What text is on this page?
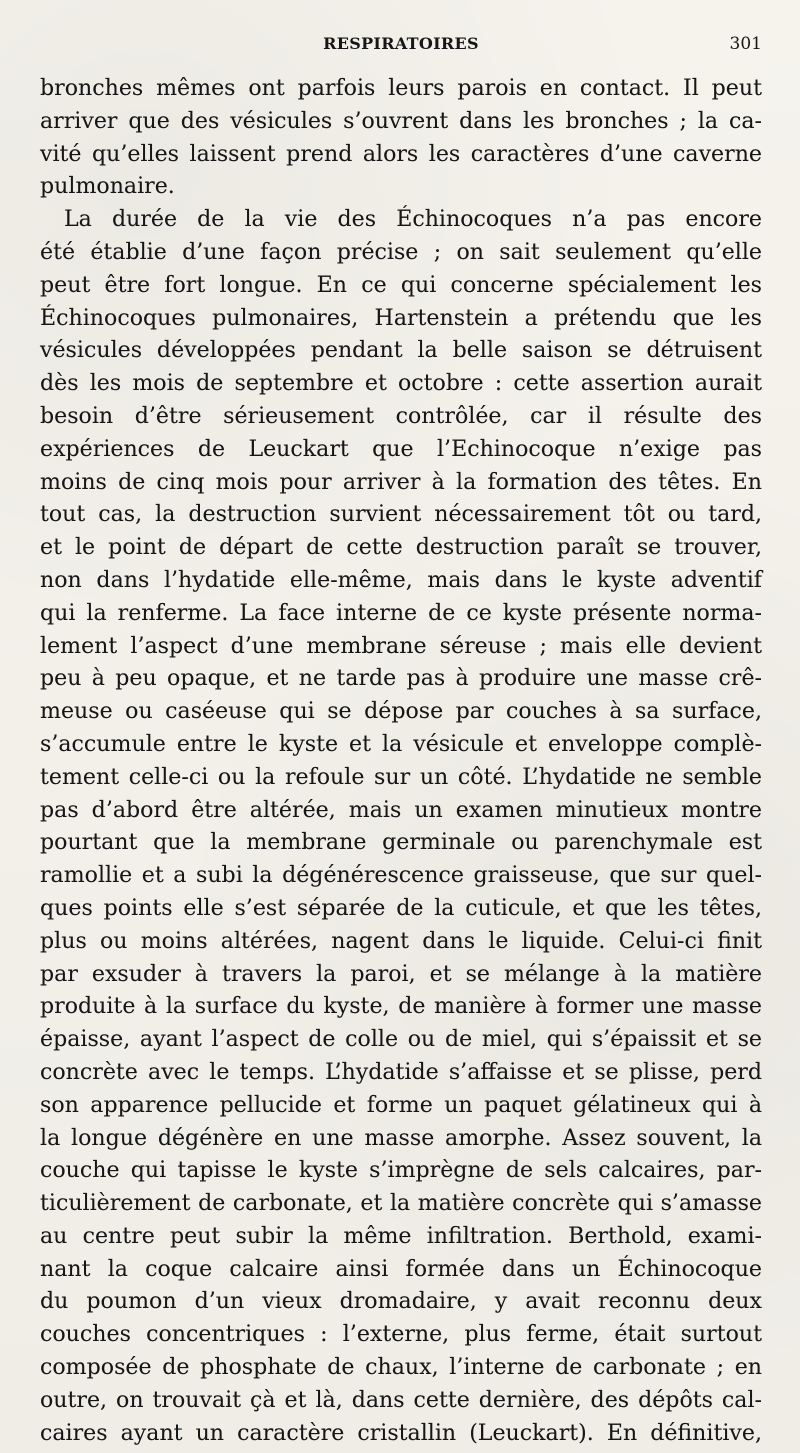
RESPIRATOIRES	301
bronches mêmes ont parfois leurs parois en contact. Il peut
arriver que des vésicules s’ouvrent dans les bronches ; la ca-
vité qu’elles laissent prend alors les caractères d’une caverne
pulmonaire.
La durée de la vie des Échinocoques n’a pas encore
été établie d’une façon précise ; on sait seulement qu’elle
peut être fort longue. En ce qui concerne spécialement les
Échinocoques pulmonaires, Hartenstein a prétendu que les
vésicules développées pendant la belle saison se détruisent
dès les mois de septembre et octobre : cette assertion aurait
besoin d’être sérieusement contrôlée, car il résulte des
expériences de Leuckart que l’Echinocoque n’exige pas
moins de cinq mois pour arriver à la formation des têtes. En
tout cas, la destruction survient nécessairement tôt ou tard,
et le point de départ de cette destruction paraît se trouver,
non dans l’hydatide elle-même, mais dans le kyste adventif
qui la renferme. La face interne de ce kyste présente norma-
lement l’aspect d’une membrane séreuse ; mais elle devient
peu à peu opaque, et ne tarde pas à produire une masse crê-
meuse ou caséeuse qui se dépose par couches à sa surface,
s’accumule entre le kyste et la vésicule et enveloppe complè-
tement celle-ci ou la refoule sur un côté. L’hydatide ne semble
pas d’abord être altérée, mais un examen minutieux montre
pourtant que la membrane germinale ou parenchymale est
ramollie et a subi la dégénérescence graisseuse, que sur quel-
ques points elle s’est séparée de la cuticule, et que les têtes,
plus ou moins altérées, nagent dans le liquide. Celui-ci finit
par exsuder à travers la paroi, et se mélange à la matière
produite à la surface du kyste, de manière à former une masse
épaisse, ayant l’aspect de colle ou de miel, qui s’épaissit et se
concrète avec le temps. L’hydatide s’affaisse et se plisse, perd
son apparence pellucide et forme un paquet gélatineux qui à
la longue dégénère en une masse amorphe. Assez souvent, la
couche qui tapisse le kyste s’imprègne de sels calcaires, par-
ticulièrement de carbonate, et la matière concrète qui s’amasse
au centre peut subir la même infiltration. Berthold, exami-
nant la coque calcaire ainsi formée dans un Échinocoque
du poumon d’un vieux dromadaire, y avait reconnu deux
couches concentriques : l’externe, plus ferme, était surtout
composée de phosphate de chaux, l’interne de carbonate ; en
outre, on trouvait çà et là, dans cette dernière, des dépôts cal-
caires ayant un caractère cristallin (Leuckart). En définitive,
